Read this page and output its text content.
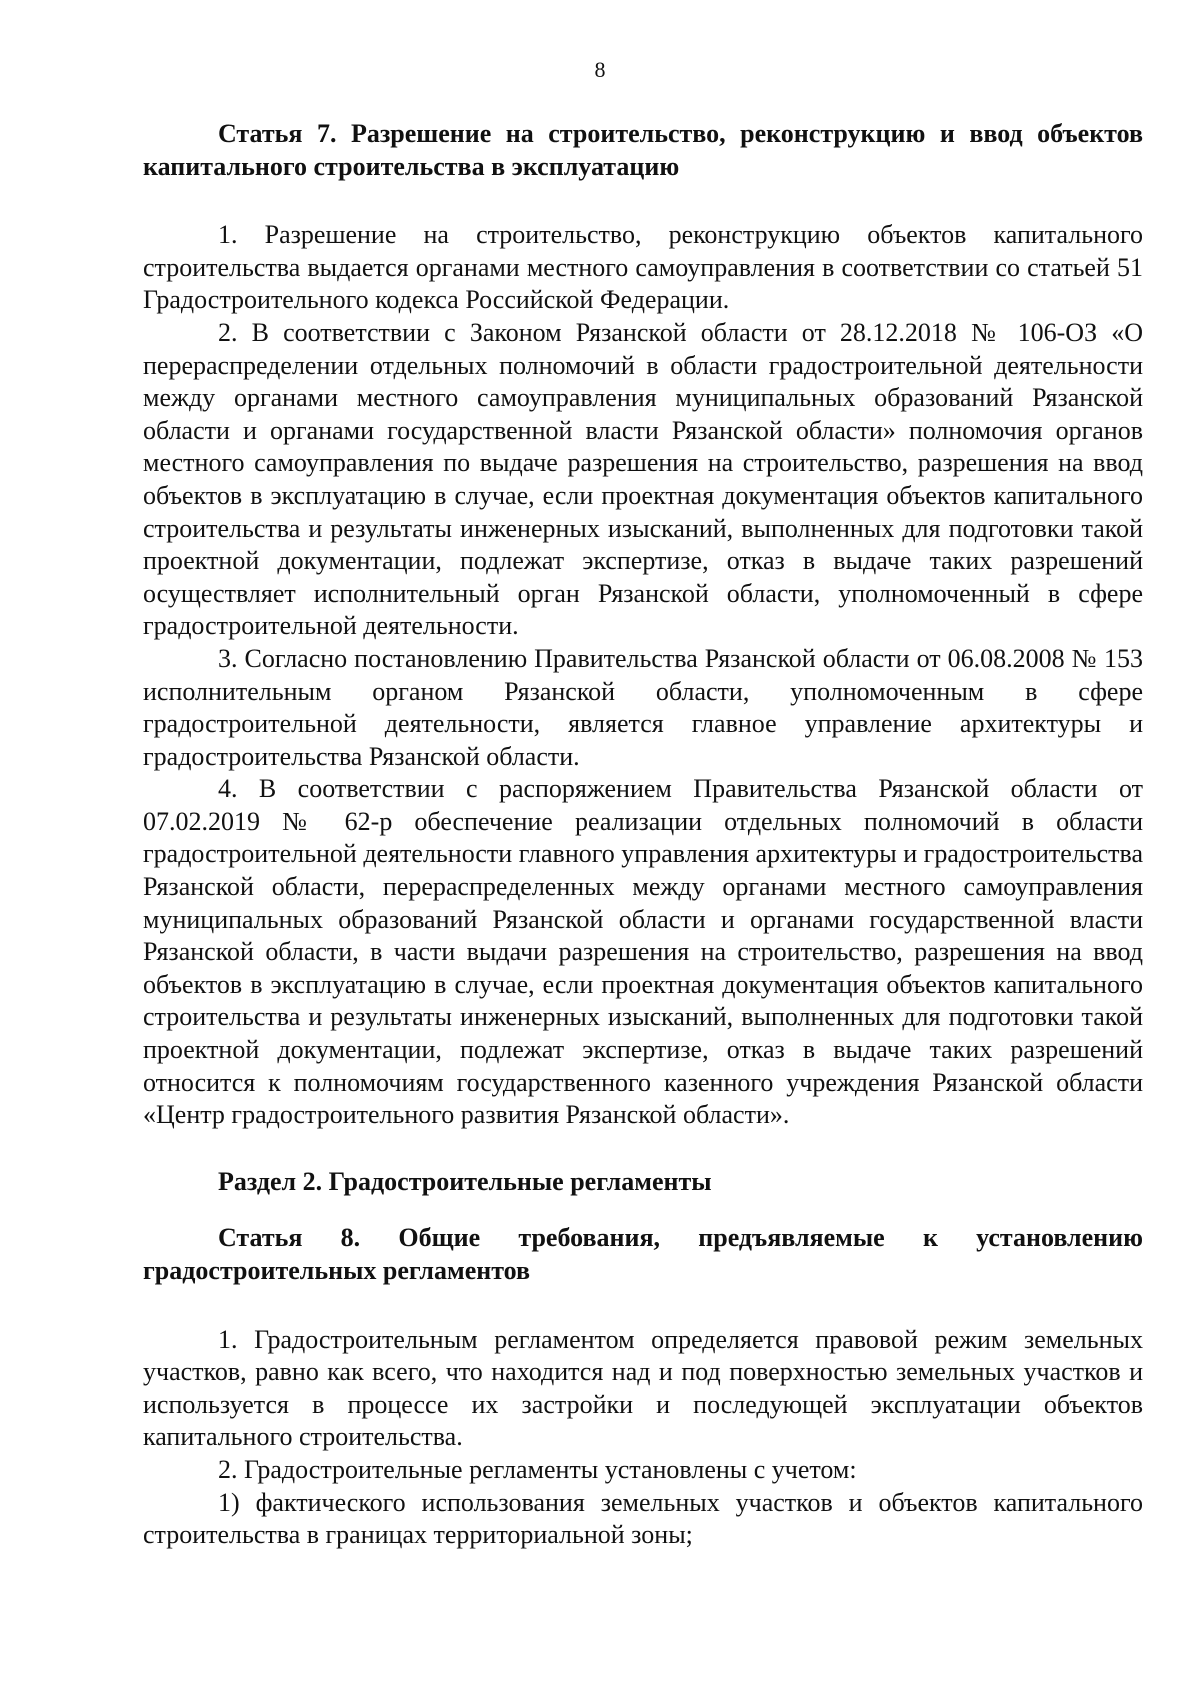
8

Статья 7. Разрешение на строительство, реконструкцию и ввод объектов капитального строительства в эксплуатацию

1. Разрешение на строительство, реконструкцию объектов капитального строительства выдается органами местного самоуправления в соответствии со статьей 51 Градостроительного кодекса Российской Федерации.

2. В соответствии с Законом Рязанской области от 28.12.2018 № 106-ОЗ «О перераспределении отдельных полномочий в области градостроительной деятельности между органами местного самоуправления муниципальных образований Рязанской области и органами государственной власти Рязанской области» полномочия органов местного самоуправления по выдаче разрешения на строительство, разрешения на ввод объектов в эксплуатацию в случае, если проектная документация объектов капитального строительства и результаты инженерных изысканий, выполненных для подготовки такой проектной документации, подлежат экспертизе, отказ в выдаче таких разрешений осуществляет исполнительный орган Рязанской области, уполномоченный в сфере градостроительной деятельности.

3. Согласно постановлению Правительства Рязанской области от 06.08.2008 № 153 исполнительным органом Рязанской области, уполномоченным в сфере градостроительной деятельности, является главное управление архитектуры и градостроительства Рязанской области.

4. В соответствии с распоряжением Правительства Рязанской области от 07.02.2019 № 62-р обеспечение реализации отдельных полномочий в области градостроительной деятельности главного управления архитектуры и градостроительства Рязанской области, перераспределенных между органами местного самоуправления муниципальных образований Рязанской области и органами государственной власти Рязанской области, в части выдачи разрешения на строительство, разрешения на ввод объектов в эксплуатацию в случае, если проектная документация объектов капитального строительства и результаты инженерных изысканий, выполненных для подготовки такой проектной документации, подлежат экспертизе, отказ в выдаче таких разрешений относится к полномочиям государственного казенного учреждения Рязанской области «Центр градостроительного развития Рязанской области».

Раздел 2. Градостроительные регламенты

Статья 8. Общие требования, предъявляемые к установлению градостроительных регламентов

1. Градостроительным регламентом определяется правовой режим земельных участков, равно как всего, что находится над и под поверхностью земельных участков и используется в процессе их застройки и последующей эксплуатации объектов капитального строительства.

2. Градостроительные регламенты установлены с учетом:

1) фактического использования земельных участков и объектов капитального строительства в границах территориальной зоны;
